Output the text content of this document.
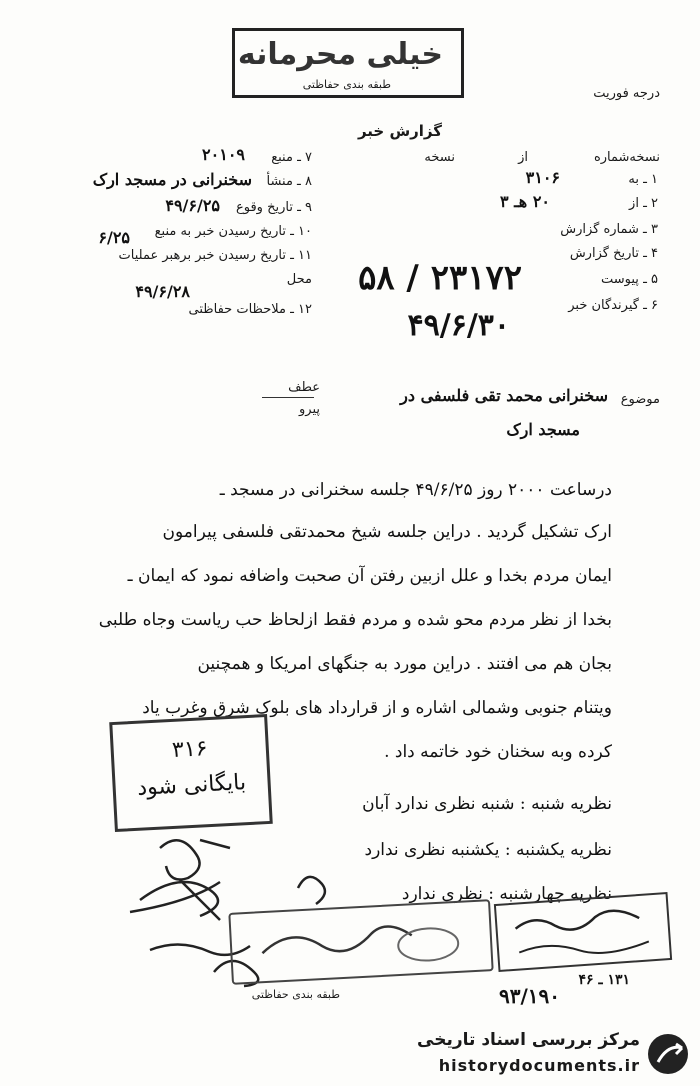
خیلی محرمانه
طبقه بندی حفاظتی
درجه فوریت
گزارش خبر
نسخه‌شماره
از
نسخه
۱ ـ به
۳۱۰۶
۲ ـ از
۲۰ هـ ۳
۳ ـ شماره گزارش
۴ ـ تاریخ گزارش
۵ ـ پیوست
۶ ـ گیرندگان خبر
۲۳۱۷۲ / ۵۸
۴۹/۶/۳۰
۷ ـ منبع
۲۰۱۰۹
۸ ـ منشأ
سخنرانی در مسجد ارک
۹ ـ تاریخ وقوع
۴۹/۶/۲۵
۱۰ ـ تاریخ رسیدن خبر به منبع
۶/۲۵
۱۱ ـ تاریخ رسیدن خبر برهبر عملیات
محل
۴۹/۶/۲۸
۱۲ ـ ملاحظات حفاظتی
موضوع
سخنرانی محمد تقی فلسفی در
مسجد ارک
عطف
پیرو
درساعت ۲۰۰۰ روز ۴۹/۶/۲۵ جلسه سخنرانی در مسجد ـ
ارک تشکیل گردید . دراین جلسه شیخ محمدتقی فلسفی پیرامون
ایمان مردم بخدا و علل ازبین رفتن آن صحبت واضافه نمود که ایمان ـ
بخدا از نظر مردم محو شده و مردم فقط ازلحاظ حب ریاست وجاه طلبی
بجان هم می افتند . دراین مورد به جنگهای امریکا و همچنین
ویتنام جنوبی وشمالی اشاره و از قرارداد های بلوک شرق وغرب یاد
کرده وبه سخنان خود خاتمه داد .
نظریه شنبه : شنبه نظری ندارد آبان
نظریه یکشنبه : یکشنبه نظری ندارد
نظریه چهارشنبه : نظری ندارد
۳۱۶
بایگانی شود
طبقه بندی حفاظتی
۱۳۱ ـ ۴۶
۹۳/۱۹۰
مرکز بررسی اسناد تاریخی
historydocuments.ir
